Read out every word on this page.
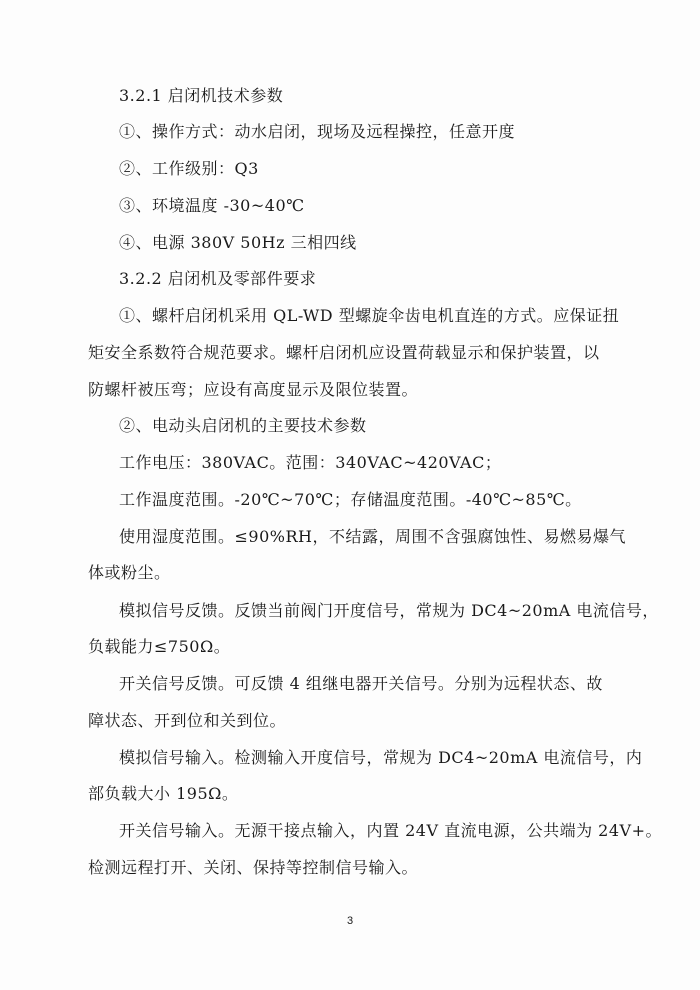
3.2.1 启闭机技术参数
①、操作方式：动水启闭，现场及远程操控，任意开度
②、工作级别：Q3
③、环境温度 -30~40℃
④、电源 380V 50Hz 三相四线
3.2.2 启闭机及零部件要求
①、螺杆启闭机采用 QL-WD 型螺旋伞齿电机直连的方式。应保证扭
矩安全系数符合规范要求。螺杆启闭机应设置荷载显示和保护装置，以
防螺杆被压弯；应设有高度显示及限位装置。
②、电动头启闭机的主要技术参数
工作电压：380VAC。范围：340VAC~420VAC；
工作温度范围。-20℃~70℃；存储温度范围。-40℃~85℃。
使用湿度范围。≤90%RH，不结露，周围不含强腐蚀性、易燃易爆气
体或粉尘。
模拟信号反馈。反馈当前阀门开度信号，常规为 DC4~20mA 电流信号，
负载能力≤750Ω。
开关信号反馈。可反馈 4 组继电器开关信号。分别为远程状态、故
障状态、开到位和关到位。
模拟信号输入。检测输入开度信号，常规为 DC4~20mA 电流信号，内
部负载大小 195Ω。
开关信号输入。无源干接点输入，内置 24V 直流电源，公共端为 24V+。
检测远程打开、关闭、保持等控制信号输入。
3
